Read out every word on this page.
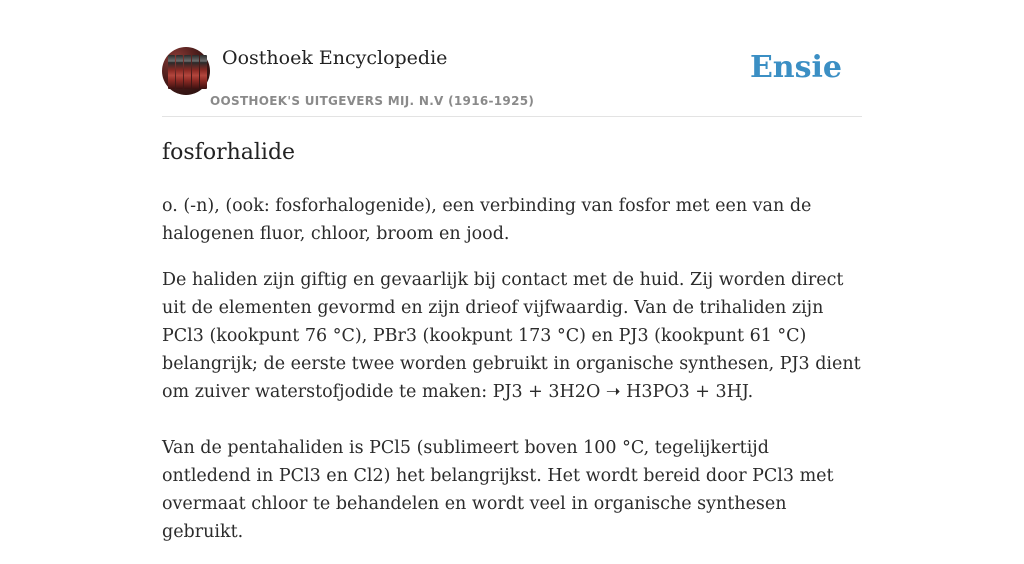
Oosthoek Encyclopedie
OOSTHOEK'S UITGEVERS MIJ. N.V (1916-1925)
Ensie
fosforhalide

o. (-n), (ook: fosforhalogenide), een verbinding van fosfor met een van de halogenen fluor, chloor, broom en jood.

De haliden zijn giftig en gevaarlijk bij contact met de huid. Zij worden direct uit de elementen gevormd en zijn drieof vijfwaardig. Van de trihaliden zijn PCl3 (kookpunt 76 °C), PBr3 (kookpunt 173 °C) en PJ3 (kookpunt 61 °C) belangrijk; de eerste twee worden gebruikt in organische synthesen, PJ3 dient om zuiver waterstofjodide te maken: PJ3 + 3H2O ➝ H3PO3 + 3HJ.

Van de pentahaliden is PCl5 (sublimeert boven 100 °C, tegelijkertijd ontledend in PCl3 en Cl2) het belangrijkst. Het wordt bereid door PCl3 met overmaat chloor te behandelen en wordt veel in organische synthesen gebruikt.
